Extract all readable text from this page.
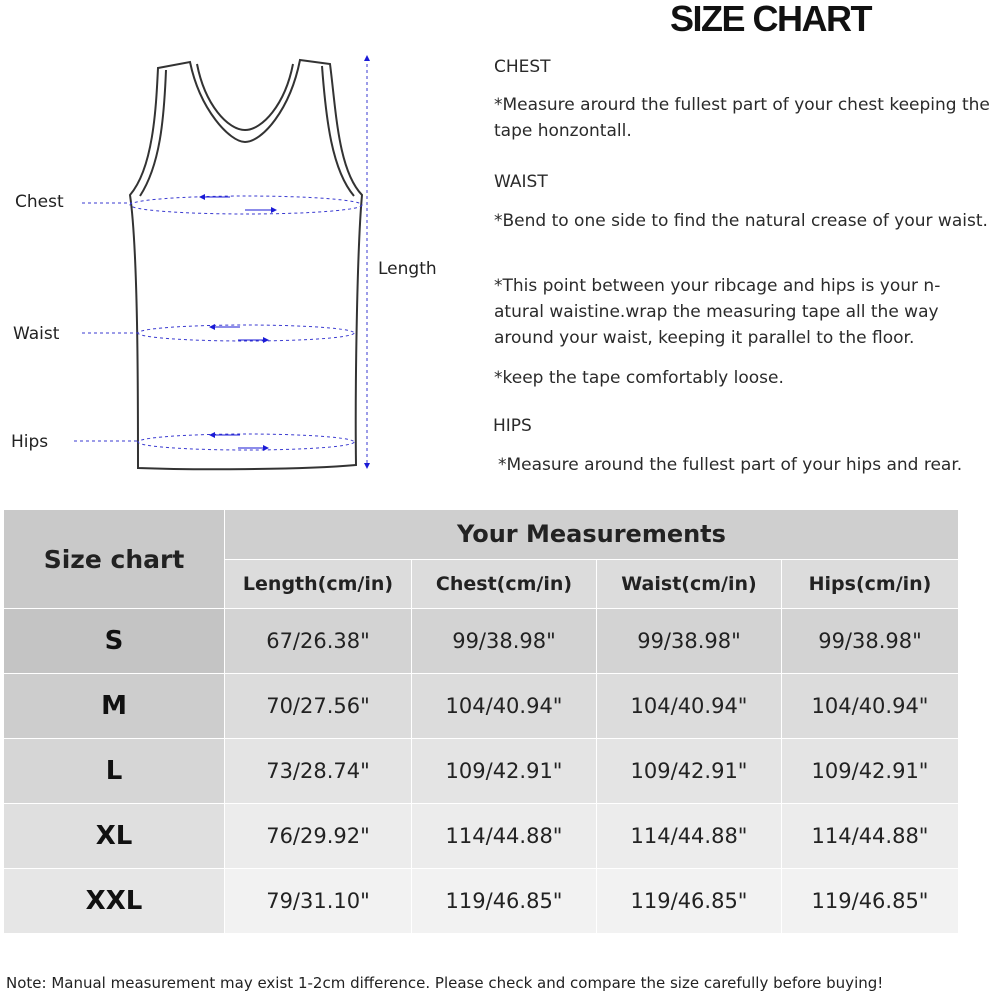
SIZE CHART
Chest
Waist
Hips
Length
CHEST
*Measure arourd the fullest part of your chest keeping the tape honzontall.
WAIST
*Bend to one side to find the natural crease of your waist.
*This point between your ribcage and hips is your n-atural waistine.wrap the measuring tape all the way around your waist, keeping it parallel to the floor.
*keep the tape comfortably loose.
HIPS
*Measure around the fullest part of your hips and rear.
Size chart	Your Measurements			
	Length(cm/in)	Chest(cm/in)	Waist(cm/in)	Hips(cm/in)
S	67/26.38"	99/38.98"	99/38.98"	99/38.98"
M	70/27.56"	104/40.94"	104/40.94"	104/40.94"
L	73/28.74"	109/42.91"	109/42.91"	109/42.91"
XL	76/29.92"	114/44.88"	114/44.88"	114/44.88"
XXL	79/31.10"	119/46.85"	119/46.85"	119/46.85"
Note: Manual measurement may exist 1-2cm difference. Please check and compare the size carefully before buying!
